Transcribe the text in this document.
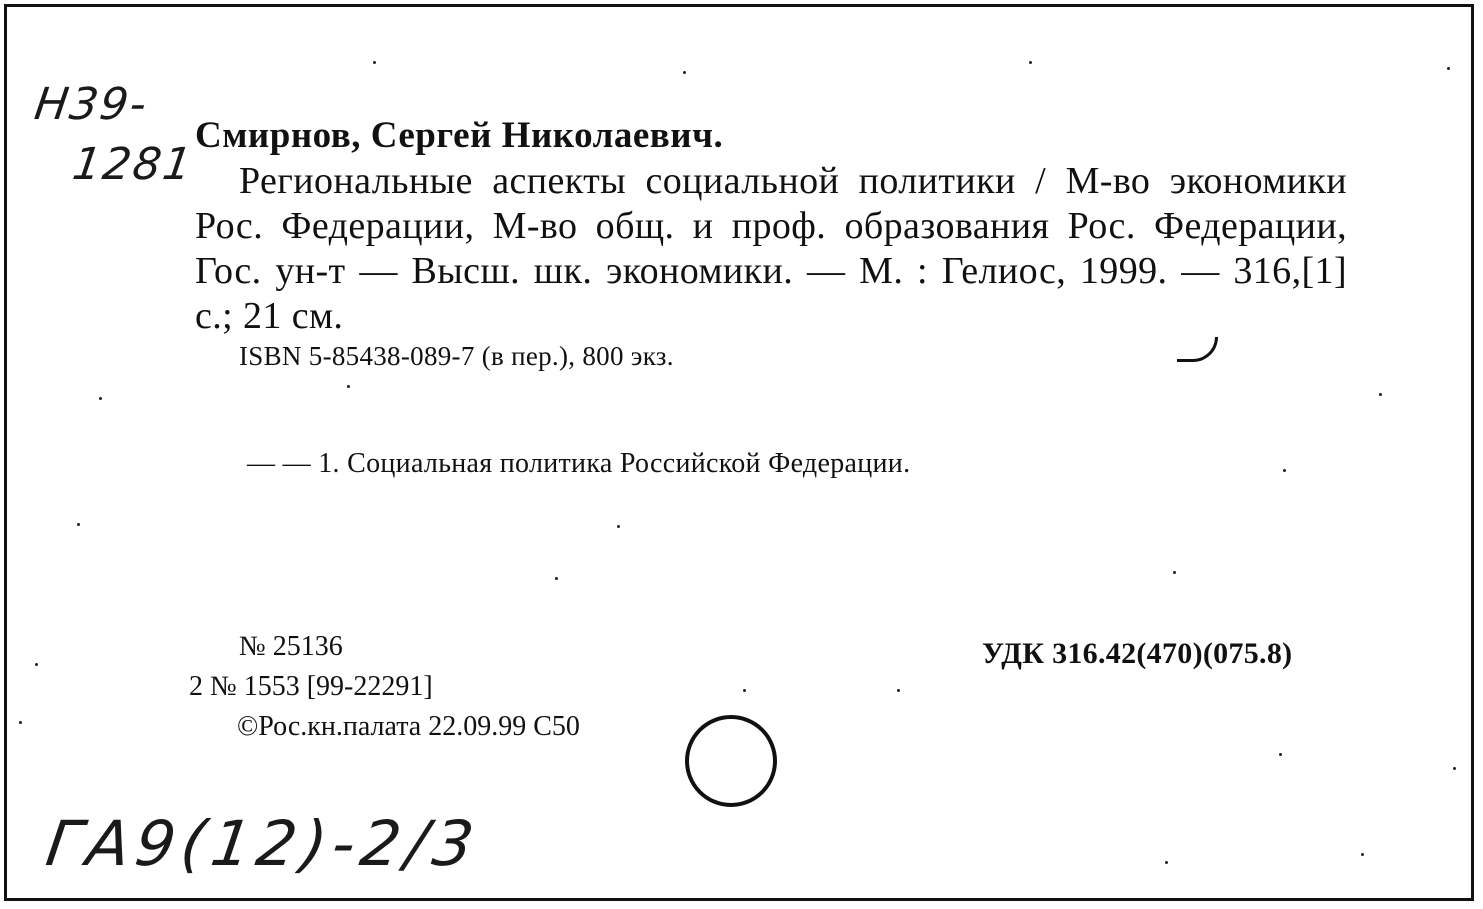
Н39-
1281
Смирнов, Сергей Николаевич.
Региональные аспекты социальной политики / М-во экономики Рос. Федерации, М-во общ. и проф. образования Рос. Федерации, Гос. ун-т — Высш. шк. экономики. — М. : Гелиос, 1999. — 316,[1] с.; 21 см.
ISBN 5-85438-089-7 (в пер.), 800 экз.
— — 1. Социальная политика Российской Федерации.
№ 25136
2 № 1553 [99-22291]
©Рос.кн.палата 22.09.99 С50
УДК 316.42(470)(075.8)
ГА9(12)-2/3
